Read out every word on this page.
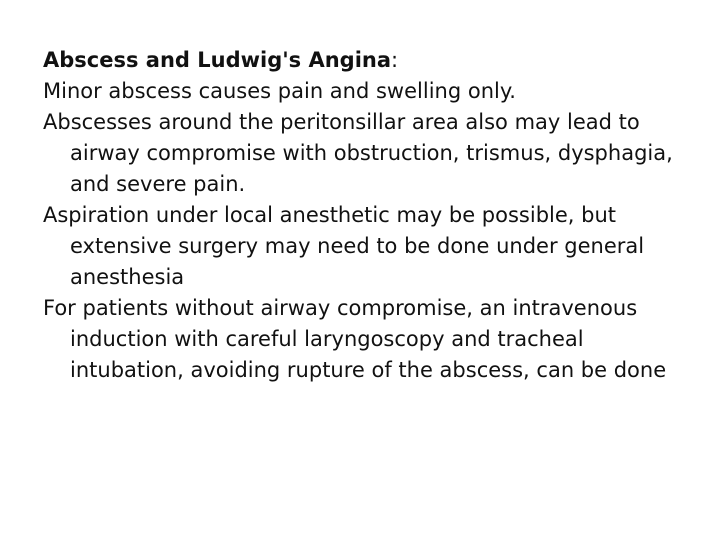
Abscess and Ludwig's Angina:

Minor abscess causes pain and swelling only.

Abscesses around the peritonsillar area also may lead to airway compromise with obstruction, trismus, dysphagia, and severe pain.

Aspiration under local anesthetic may be possible, but extensive surgery may need to be done under general anesthesia

For patients without airway compromise, an intravenous induction with careful laryngoscopy and tracheal intubation, avoiding rupture of the abscess, can be done
